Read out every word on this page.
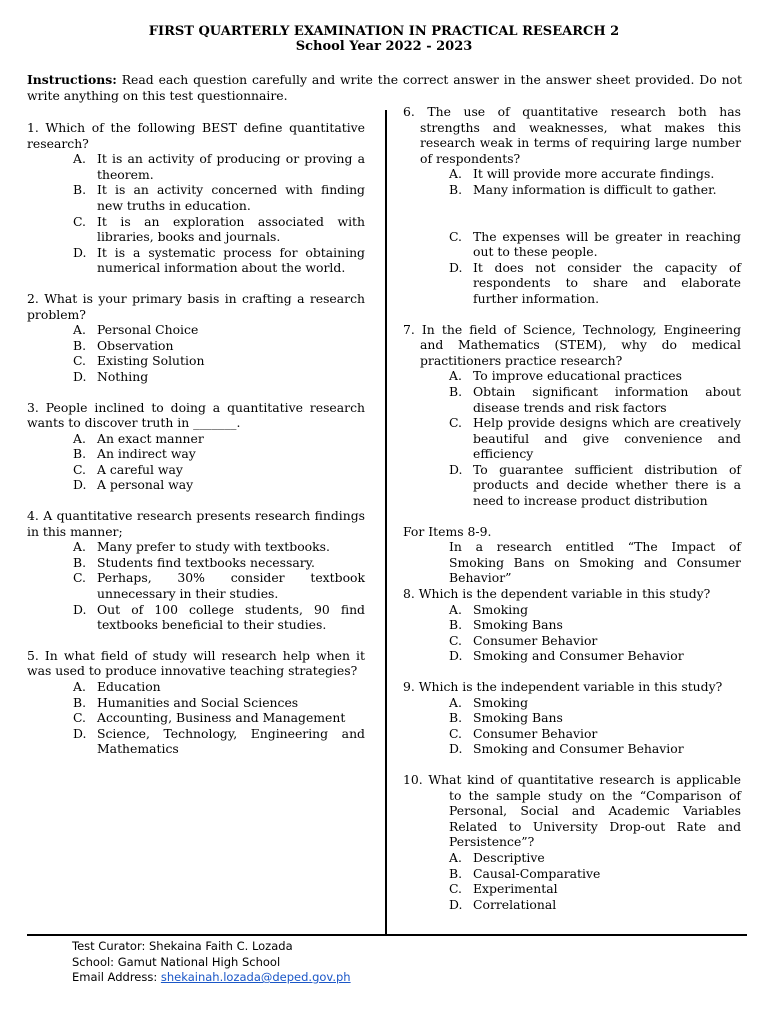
FIRST QUARTERLY EXAMINATION IN PRACTICAL RESEARCH 2
School Year 2022 - 2023
Instructions: Read each question carefully and write the correct answer in the answer sheet provided. Do not write anything on this test questionnaire.
1. Which of the following BEST define quantitative research?
A. It is an activity of producing or proving a theorem.
B. It is an activity concerned with finding new truths in education.
C. It is an exploration associated with libraries, books and journals.
D. It is a systematic process for obtaining numerical information about the world.
2. What is your primary basis in crafting a research problem?
A. Personal Choice
B. Observation
C. Existing Solution
D. Nothing
3. People inclined to doing a quantitative research wants to discover truth in _______.
A. An exact manner
B. An indirect way
C. A careful way
D. A personal way
4. A quantitative research presents research findings in this manner;
A. Many prefer to study with textbooks.
B. Students find textbooks necessary.
C. Perhaps, 30% consider textbook unnecessary in their studies.
D. Out of 100 college students, 90 find textbooks beneficial to their studies.
5. In what field of study will research help when it was used to produce innovative teaching strategies?
A. Education
B. Humanities and Social Sciences
C. Accounting, Business and Management
D. Science, Technology, Engineering and Mathematics
6. The use of quantitative research both has strengths and weaknesses, what makes this research weak in terms of requiring large number of respondents?
A. It will provide more accurate findings.
B. Many information is difficult to gather.
C. The expenses will be greater in reaching out to these people.
D. It does not consider the capacity of respondents to share and elaborate further information.
7. In the field of Science, Technology, Engineering and Mathematics (STEM), why do medical practitioners practice research?
A. To improve educational practices
B. Obtain significant information about disease trends and risk factors
C. Help provide designs which are creatively beautiful and give convenience and efficiency
D. To guarantee sufficient distribution of products and decide whether there is a need to increase product distribution
For Items 8-9.
In a research entitled “The Impact of Smoking Bans on Smoking and Consumer Behavior”
8. Which is the dependent variable in this study?
A. Smoking
B. Smoking Bans
C. Consumer Behavior
D. Smoking and Consumer Behavior
9. Which is the independent variable in this study?
A. Smoking
B. Smoking Bans
C. Consumer Behavior
D. Smoking and Consumer Behavior
10. What kind of quantitative research is applicable to the sample study on the “Comparison of Personal, Social and Academic Variables Related to University Drop-out Rate and Persistence”?
A. Descriptive
B. Causal-Comparative
C. Experimental
D. Correlational
Test Curator: Shekaina Faith C. Lozada
School: Gamut National High School
Email Address: shekainah.lozada@deped.gov.ph
